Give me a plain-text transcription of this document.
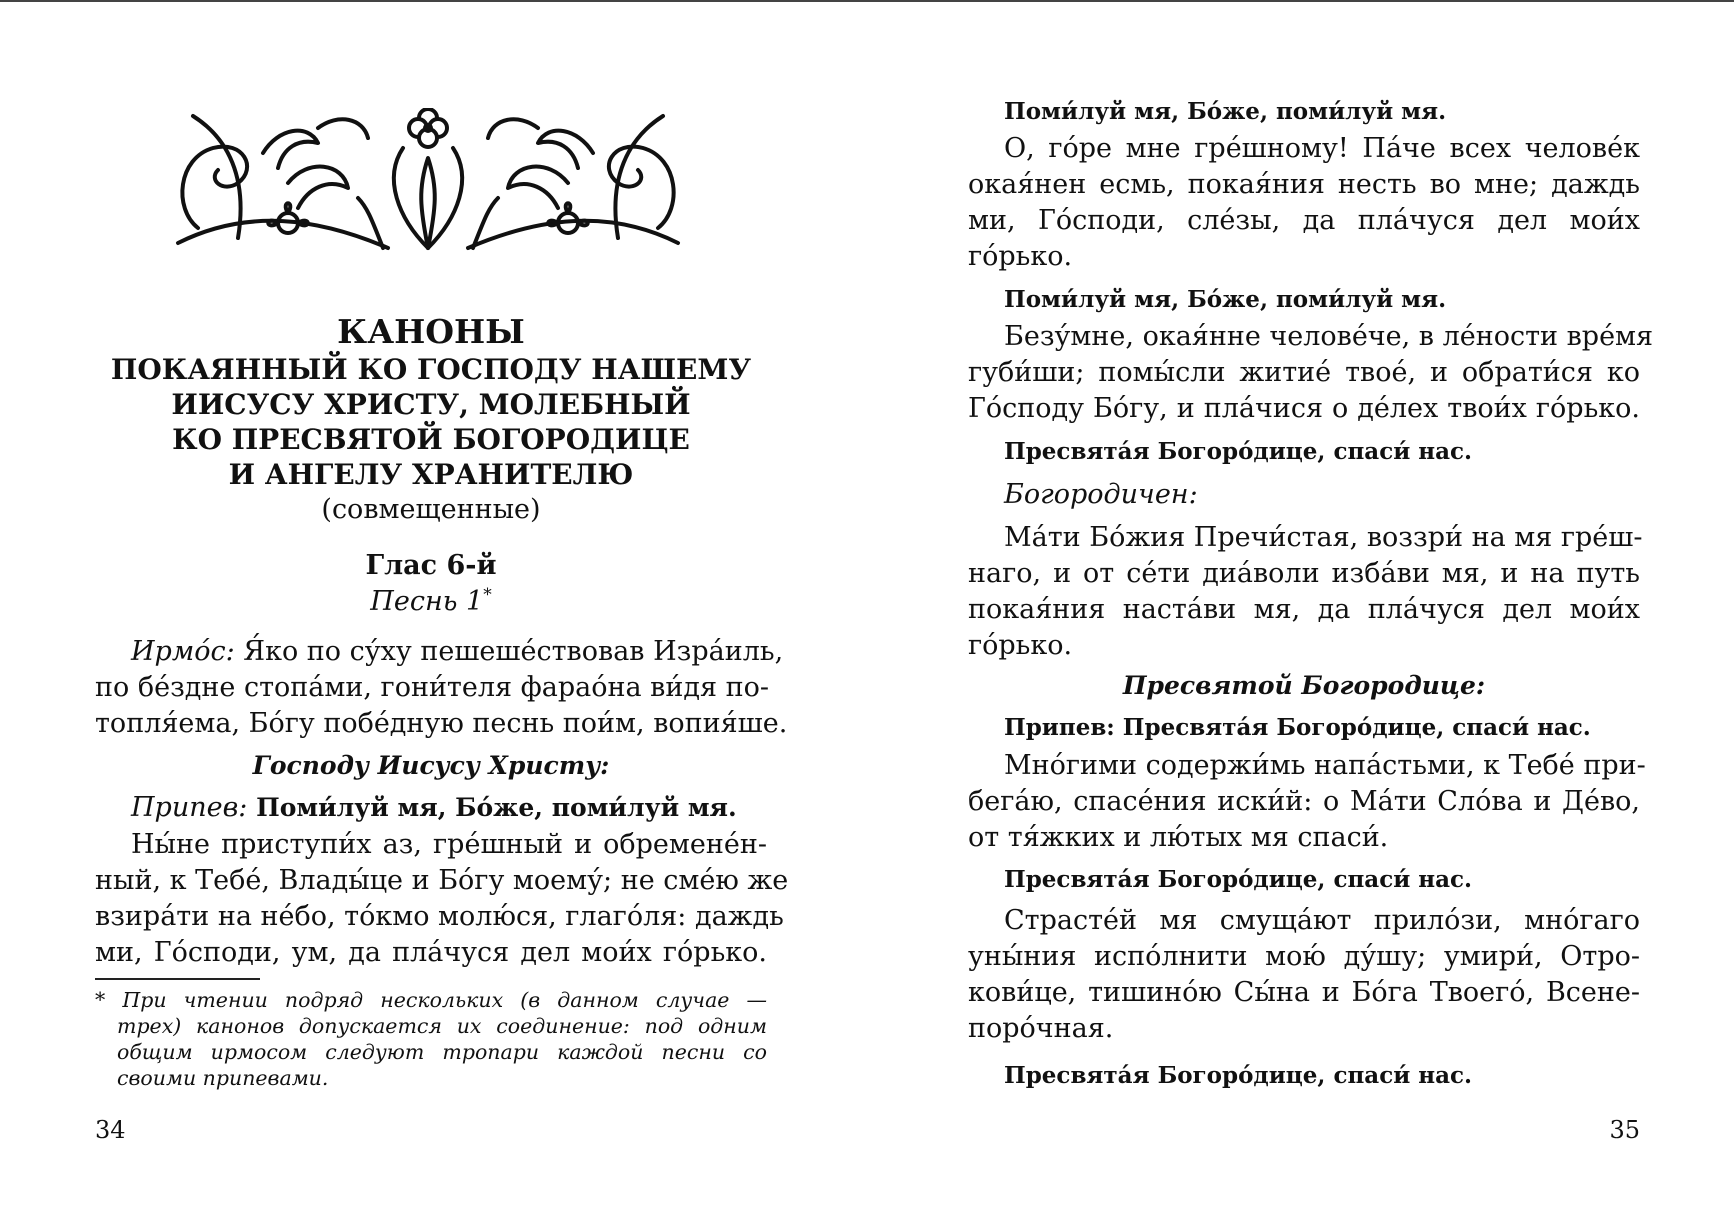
КАНОНЫ

ПОКАЯННЫЙ КО ГОСПОДУ НАШЕМУ

ИИСУСУ ХРИСТУ, МОЛЕБНЫЙ

КО ПРЕСВЯТОЙ БОГОРОДИЦЕ

И АНГЕЛУ ХРАНИТЕЛЮ

(совмещенные)

Глас 6-й
Песнь 1*
Ирмо́с: Я́ко по су́ху пешеше́ствовав Изра́иль,
по бе́здне стопа́ми, гони́теля фарао́на ви́дя по-
топля́ема, Бо́гу побе́дную песнь пои́м, вопия́ше.
Господу Иисусу Христу:
Припев: Поми́луй мя, Бо́же, поми́луй мя.
Ны́не приступи́х аз, гре́шный и обремене́н-
ный, к Тебе́, Влады́це и Бо́гу моему́; не сме́ю же
взира́ти на не́бо, то́кмо молю́ся, глаго́ля: даждь
ми, Го́споди, ум, да пла́чуся дел мои́х го́рько.
* При чтении подряд нескольких (в данном случае —
трех) канонов допускается их соединение: под одним
общим ирмосом следуют тропари каждой песни со
своими припевами.
34
Поми́луй мя, Бо́же, поми́луй мя.
О, го́ре мне гре́шному! Па́че всех челове́к
окая́нен есмь, покая́ния несть во мне; даждь
ми, Го́споди, слéзы, да пла́чуся дел мои́х
го́рько.
Поми́луй мя, Бо́же, поми́луй мя.
Безу́мне, окая́нне челове́че, в ле́ности вре́мя
губи́ши; помы́сли житие́ твое́, и обрати́ся ко
Го́споду Бо́гу, и пла́чися о де́лех твои́х го́рько.
Пресвята́я Богоро́дице, спаси́ нас.
Богородичен:
Ма́ти Бо́жия Пречи́стая, воззри́ на мя гре́ш-
наго, и от се́ти диа́воли изба́ви мя, и на путь
покая́ния наста́ви мя, да пла́чуся дел мои́х
го́рько.
Пресвятой Богородице:
Припев: Пресвята́я Богоро́дице, спаси́ нас.
Мно́гими содержи́мь напа́стьми, к Тебе́ при-
бега́ю, спасе́ния иски́й: о Ма́ти Сло́ва и Де́во,
от тя́жких и лю́тых мя спаси́.
Пресвята́я Богоро́дице, спаси́ нас.
Страсте́й мя смуща́ют прило́зи, мно́гаго
уны́ния испо́лнити мою́ ду́шу; умири́, Отро-
кови́це, тишино́ю Сы́на и Бо́га Твоего́, Всене-
поро́чная.
Пресвята́я Богоро́дице, спаси́ нас.
35
